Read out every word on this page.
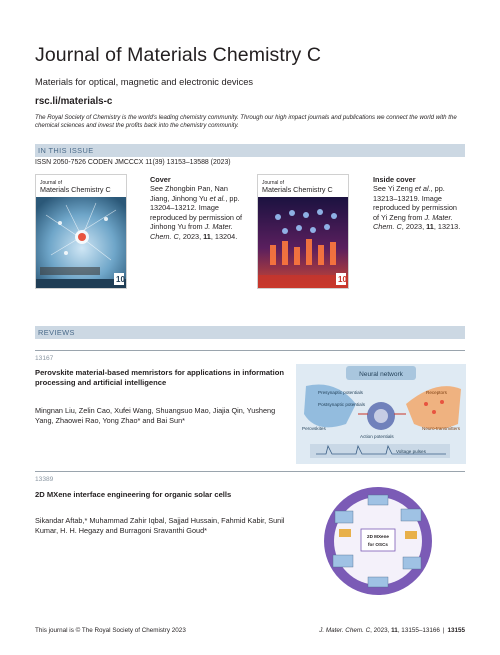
Journal of Materials Chemistry C
Materials for optical, magnetic and electronic devices
rsc.li/materials-c
The Royal Society of Chemistry is the world's leading chemistry community. Through our high impact journals and publications we connect the world with the chemical sciences and invest the profits back into the chemistry community.
IN THIS ISSUE
ISSN 2050-7526 CODEN JMCCCX 11(39) 13153–13588 (2023)
10
Journal of
Materials Chemistry C
Cover
See Zhongbin Pan, Nan Jiang, Jinhong Yu et al., pp. 13204–13212. Image reproduced by permission of Jinhong Yu from J. Mater. Chem. C, 2023, 11, 13204.
10
Journal of
Materials Chemistry C
Inside cover
See Yi Zeng et al., pp. 13213–13219. Image reproduced by permission of Yi Zeng from J. Mater. Chem. C, 2023, 11, 13213.
REVIEWS
13167
Perovskite material-based memristors for applications in information processing and artificial intelligence
Mingnan Liu, Zelin Cao, Xufei Wang, Shuangsuo Mao, Jiajia Qin, Yusheng Yang, Zhaowei Rao, Yong Zhao* and Bai Sun*
Neural network
Presynaptic potentials
Postsynaptic potentials
Perovskites
Action potentials
Receptors
Neuro-transmitters
Voltage pulses
13389
2D MXene interface engineering for organic solar cells
Sikandar Aftab,* Muhammad Zahir Iqbal, Sajjad Hussain, Fahmid Kabir, Sunil Kumar, H. H. Hegazy and Burragoni Sravanthi Goud*
2D MXene
for OSCs
This journal is © The Royal Society of Chemistry 2023	J. Mater. Chem. C, 2023, 11, 13155–13166 | 13155
